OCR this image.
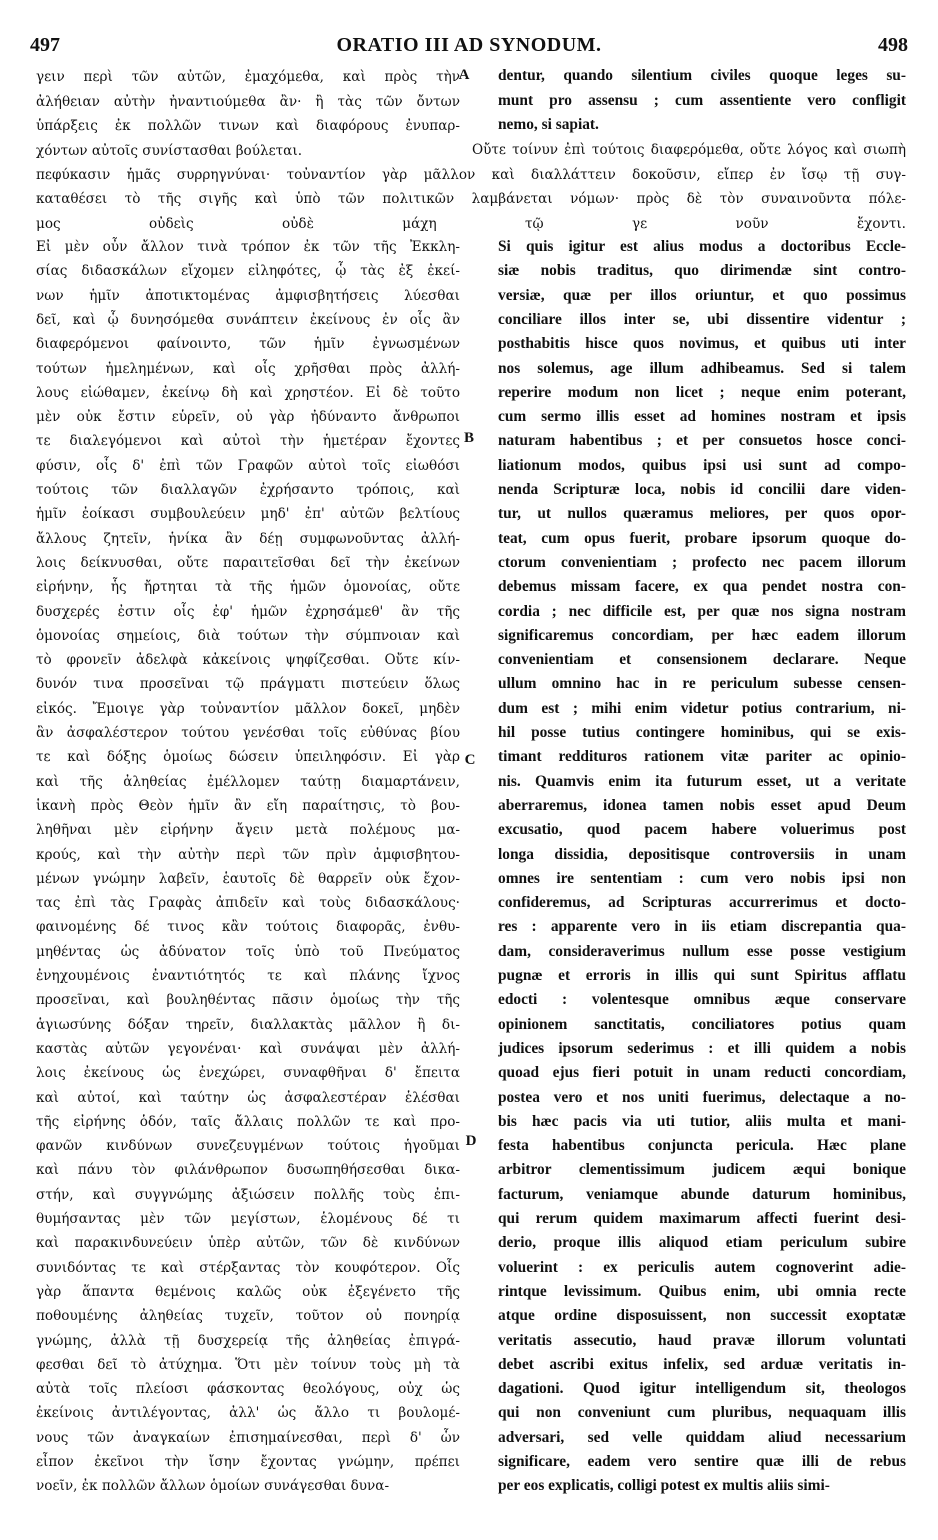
497	ORATIO III AD SYNODUM.	498
γειν περὶ τῶν αὐτῶν, ἐμαχόμεθα, καὶ πρὸς τὴν
ἀλήθειαν αὐτὴν ἠναντιούμεθα ἂν· ἢ τὰς τῶν ὄντων
ὑπάρξεις ἐκ πολλῶν τινων καὶ διαφόρους ἐνυπαρ-
χόντων αὐτοῖς συνίστασθαι βούλεται.
dentur, quando silentium civiles quoque leges su-
munt pro assensu ; cum assentiente vero confligit
nemo, si sapiat.
Οὔτε τοίνυν ἐπὶ τούτοις διαφερόμεθα, οὔτε λόγος καὶ σιωπὴ
πεφύκασιν ἡμᾶς συρρηγνύναι· τοὐναντίον γὰρ μᾶλλον καὶ διαλλάττειν δοκοῦσιν, εἴπερ ἐν ἴσῳ τῇ συγ-
καταθέσει τὸ τῆς σιγῆς καὶ ὑπὸ τῶν πολιτικῶν λαμβάνεται νόμων· πρὸς δὲ τὸν συναινοῦντα πόλε-
μος οὐδεὶς οὐδὲ μάχη τῷ γε νοῦν ἔχοντι.
Εἰ μὲν οὖν ἄλλον τινὰ τρόπον ἐκ τῶν τῆς Ἐκκλη-
σίας διδασκάλων εἴχομεν εἰληφότες, ᾧ τὰς ἐξ ἐκεί-
νων ἡμῖν ἀποτικτομένας ἀμφισβητήσεις λύεσθαι
δεῖ, καὶ ᾧ δυνησόμεθα συνάπτειν ἐκείνους ἐν οἷς ἂν
διαφερόμενοι φαίνοιντο, τῶν ἡμῖν ἐγνωσμένων
τούτων ἠμελημένων, καὶ οἷς χρῆσθαι πρὸς ἀλλή-
λους εἰώθαμεν, ἐκείνῳ δὴ καὶ χρηστέον. Εἰ δὲ τοῦτο
μὲν οὐκ ἔστιν εὑρεῖν, οὐ γὰρ ἠδύναντο ἄνθρωποι
τε διαλεγόμενοι καὶ αὐτοὶ τὴν ἡμετέραν ἔχοντες
φύσιν, οἷς δ' ἐπὶ τῶν Γραφῶν αὐτοὶ τοῖς εἰωθόσι
τούτοις τῶν διαλλαγῶν ἐχρήσαντο τρόποις, καὶ
ἡμῖν ἐοίκασι συμβουλεύειν μηδ' ἐπ' αὐτῶν βελτίους
ἄλλους ζητεῖν, ἡνίκα ἂν δέῃ συμφωνοῦντας ἀλλή-
λοις δείκνυσθαι, οὔτε παραιτεῖσθαι δεῖ τὴν ἐκείνων
εἰρήνην, ἧς ἤρτηται τὰ τῆς ἡμῶν ὁμονοίας, οὔτε
δυσχερές ἐστιν οἷς ἐφ' ἡμῶν ἐχρησάμεθ' ἂν τῆς
ὁμονοίας σημείοις, διὰ τούτων τὴν σύμπνοιαν καὶ
τὸ φρονεῖν ἀδελφὰ κἀκείνοις ψηφίζεσθαι. Οὔτε κίν-
δυνόν τινα προσεῖναι τῷ πράγματι πιστεύειν ὅλως
εἰκός. Ἔμοιγε γὰρ τοὐναντίον μᾶλλον δοκεῖ, μηδὲν
ἂν ἀσφαλέστερον τούτου γενέσθαι τοῖς εὐθύνας βίου
τε καὶ δόξης ὁμοίως δώσειν ὑπειληφόσιν. Εἰ γὰρ
καὶ τῆς ἀληθείας ἐμέλλομεν ταύτῃ διαμαρτάνειν,
ἱκανὴ πρὸς Θεὸν ἡμῖν ἂν εἴη παραίτησις, τὸ βου-
ληθῆναι μὲν εἰρήνην ἄγειν μετὰ πολέμους μα-
κρούς, καὶ τὴν αὐτὴν περὶ τῶν πρὶν ἀμφισβητου-
μένων γνώμην λαβεῖν, ἑαυτοῖς δὲ θαρρεῖν οὐκ ἔχον-
τας ἐπὶ τὰς Γραφὰς ἀπιδεῖν καὶ τοὺς διδασκάλους·
φαινομένης δέ τινος κἂν τούτοις διαφορᾶς, ἐνθυ-
μηθέντας ὡς ἀδύνατον τοῖς ὑπὸ τοῦ Πνεύματος
ἐνηχουμένοις ἐναντιότητός τε καὶ πλάνης ἴχνος
προσεῖναι, καὶ βουληθέντας πᾶσιν ὁμοίως τὴν τῆς
ἁγιωσύνης δόξαν τηρεῖν, διαλλακτὰς μᾶλλον ἢ δι-
καστὰς αὐτῶν γεγονέναι· καὶ συνάψαι μὲν ἀλλή-
λοις ἐκείνους ὡς ἐνεχώρει, συναφθῆναι δ' ἔπειτα
καὶ αὐτοί, καὶ ταύτην ὡς ἀσφαλεστέραν ἑλέσθαι
τῆς εἰρήνης ὁδόν, ταῖς ἄλλαις πολλῶν τε καὶ προ-
φανῶν κινδύνων συνεζευγμένων τούτοις ἡγοῦμαι
καὶ πάνυ τὸν φιλάνθρωπον δυσωπηθήσεσθαι δικα-
στήν, καὶ συγγνώμης ἀξιώσειν πολλῆς τοὺς ἐπι-
θυμήσαντας μὲν τῶν μεγίστων, ἑλομένους δέ τι
καὶ παρακινδυνεύειν ὑπὲρ αὐτῶν, τῶν δὲ κινδύνων
συνιδόντας τε καὶ στέρξαντας τὸν κουφότερον. Οἷς
γὰρ ἅπαντα θεμένοις καλῶς οὐκ ἐξεγένετο τῆς
ποθουμένης ἀληθείας τυχεῖν, τοῦτον οὐ πονηρίᾳ
γνώμης, ἀλλὰ τῇ δυσχερείᾳ τῆς ἀληθείας ἐπιγρά-
φεσθαι δεῖ τὸ ἀτύχημα. Ὅτι μὲν τοίνυν τοὺς μὴ τὰ
αὐτὰ τοῖς πλείοσι φάσκοντας θεολόγους, οὐχ ὡς
ἐκείνοις ἀντιλέγοντας, ἀλλ' ὡς ἄλλο τι βουλομέ-
νους τῶν ἀναγκαίων ἐπισημαίνεσθαι, περὶ δ' ὧν
εἶπον ἐκεῖνοι τὴν ἴσην ἔχοντας γνώμην, πρέπει
νοεῖν, ἐκ πολλῶν ἄλλων ὁμοίων συνάγεσθαι δυνα-
Si quis igitur est alius modus a doctoribus Eccle-
siæ nobis traditus, quo dirimendæ sint contro-
versiæ, quæ per illos oriuntur, et quo possimus
conciliare illos inter se, ubi dissentire videntur ;
posthabitis hisce quos novimus, et quibus uti inter
nos solemus, age illum adhibeamus. Sed si talem
reperire modum non licet ; neque enim poterant,
cum sermo illis esset ad homines nostram et ipsis
naturam habentibus ; et per consuetos hosce conci-
liationum modos, quibus ipsi usi sunt ad compo-
nenda Scripturæ loca, nobis id concilii dare viden-
tur, ut nullos quæramus meliores, per quos opor-
teat, cum opus fuerit, probare ipsorum quoque do-
ctorum convenientiam ; profecto nec pacem illorum
debemus missam facere, ex qua pendet nostra con-
cordia ; nec difficile est, per quæ nos signa nostram
significaremus concordiam, per hæc eadem illorum
convenientiam et consensionem declarare. Neque
ullum omnino hac in re periculum subesse censen-
dum est ; mihi enim videtur potius contrarium, ni-
hil posse tutius contingere hominibus, qui se exis-
timant reddituros rationem vitæ pariter ac opinio-
nis. Quamvis enim ita futurum esset, ut a veritate
aberraremus, idonea tamen nobis esset apud Deum
excusatio, quod pacem habere voluerimus post
longa dissidia, depositisque controversiis in unam
omnes ire sententiam : cum vero nobis ipsi non
confideremus, ad Scripturas accurrerimus et docto-
res : apparente vero in iis etiam discrepantia qua-
dam, consideraverimus nullum esse posse vestigium
pugnæ et erroris in illis qui sunt Spiritus afflatu
edocti : volentesque omnibus æque conservare
opinionem sanctitatis, conciliatores potius quam
judices ipsorum sederimus : et illi quidem a nobis
quoad ejus fieri potuit in unam reducti concordiam,
postea vero et nos uniti fuerimus, delectaque a no-
bis hæc pacis via uti tutior, aliis multa et mani-
festa habentibus conjuncta pericula. Hæc plane
arbitror clementissimum judicem æqui bonique
facturum, veniamque abunde daturum hominibus,
qui rerum quidem maximarum affecti fuerint desi-
derio, proque illis aliquod etiam periculum subire
voluerint : ex periculis autem cognoverint adie-
rintque levissimum. Quibus enim, ubi omnia recte
atque ordine disposuissent, non successit exoptatæ
veritatis assecutio, haud pravæ illorum voluntati
debet ascribi exitus infelix, sed arduæ veritatis in-
dagationi. Quod igitur intelligendum sit, theologos
qui non conveniunt cum pluribus, nequaquam illis
adversari, sed velle quiddam aliud necessarium
significare, eadem vero sentire quæ illi de rebus
per eos explicatis, colligi potest ex multis aliis simi-
A
B
C
D
